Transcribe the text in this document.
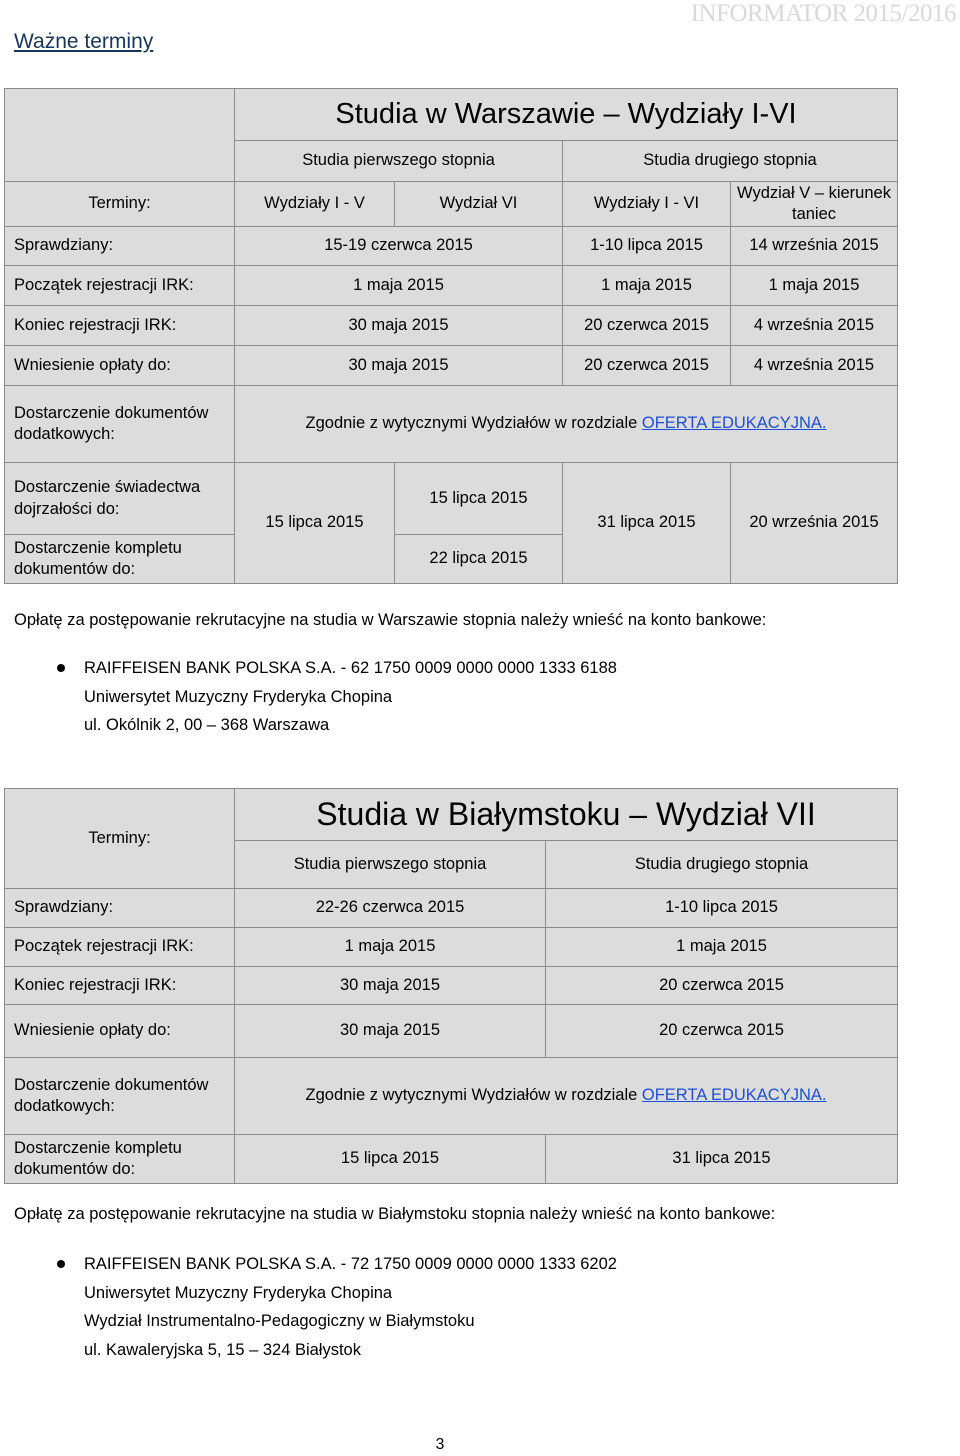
Ważne terminy
INFORMATOR 2015/2016
	Studia w Warszawie – Wydziały I-VI			
	Studia pierwszego stopnia		Studia drugiego stopnia	
Terminy:	Wydziały I - V	Wydział VI	Wydziały I - VI	Wydział V – kierunek taniec
Sprawdziany:	15-19 czerwca 2015		1-10 lipca 2015	14 września 2015
Początek rejestracji IRK:	1 maja 2015		1 maja 2015	1 maja 2015
Koniec rejestracji IRK:	30 maja 2015		20 czerwca 2015	4 września 2015
Wniesienie opłaty do:	30 maja 2015		20 czerwca 2015	4 września 2015
Dostarczenie dokumentów dodatkowych:	Zgodnie z wytycznymi Wydziałów w rozdziale OFERTA EDUKACYJNA.			
Dostarczenie świadectwa dojrzałości do:	15 lipca 2015	15 lipca 2015	31 lipca 2015	20 września 2015
Dostarczenie kompletu dokumentów do:		22 lipca 2015		
Opłatę za postępowanie rekrutacyjne na studia w Warszawie stopnia należy wnieść na konto bankowe:
RAIFFEISEN BANK POLSKA S.A. - 62 1750 0009 0000 0000 1333 6188
Uniwersytet Muzyczny Fryderyka Chopina
ul. Okólnik 2, 00 – 368 Warszawa
Terminy:	Studia w Białymstoku – Wydział VII	
	Studia pierwszego stopnia	Studia drugiego stopnia
Sprawdziany:	22-26 czerwca 2015	1-10 lipca 2015
Początek rejestracji IRK:	1 maja 2015	1 maja 2015
Koniec rejestracji IRK:	30 maja 2015	20 czerwca 2015
Wniesienie opłaty do:	30 maja 2015	20 czerwca 2015
Dostarczenie dokumentów dodatkowych:	Zgodnie z wytycznymi Wydziałów w rozdziale OFERTA EDUKACYJNA.	
Dostarczenie kompletu dokumentów do:	15 lipca 2015	31 lipca 2015
Opłatę za postępowanie rekrutacyjne na studia w Białymstoku stopnia należy wnieść na konto bankowe:
RAIFFEISEN BANK POLSKA S.A. - 72 1750 0009 0000 0000 1333 6202
Uniwersytet Muzyczny Fryderyka Chopina
Wydział Instrumentalno-Pedagogiczny w Białymstoku
ul. Kawaleryjska 5, 15 – 324 Białystok
3
